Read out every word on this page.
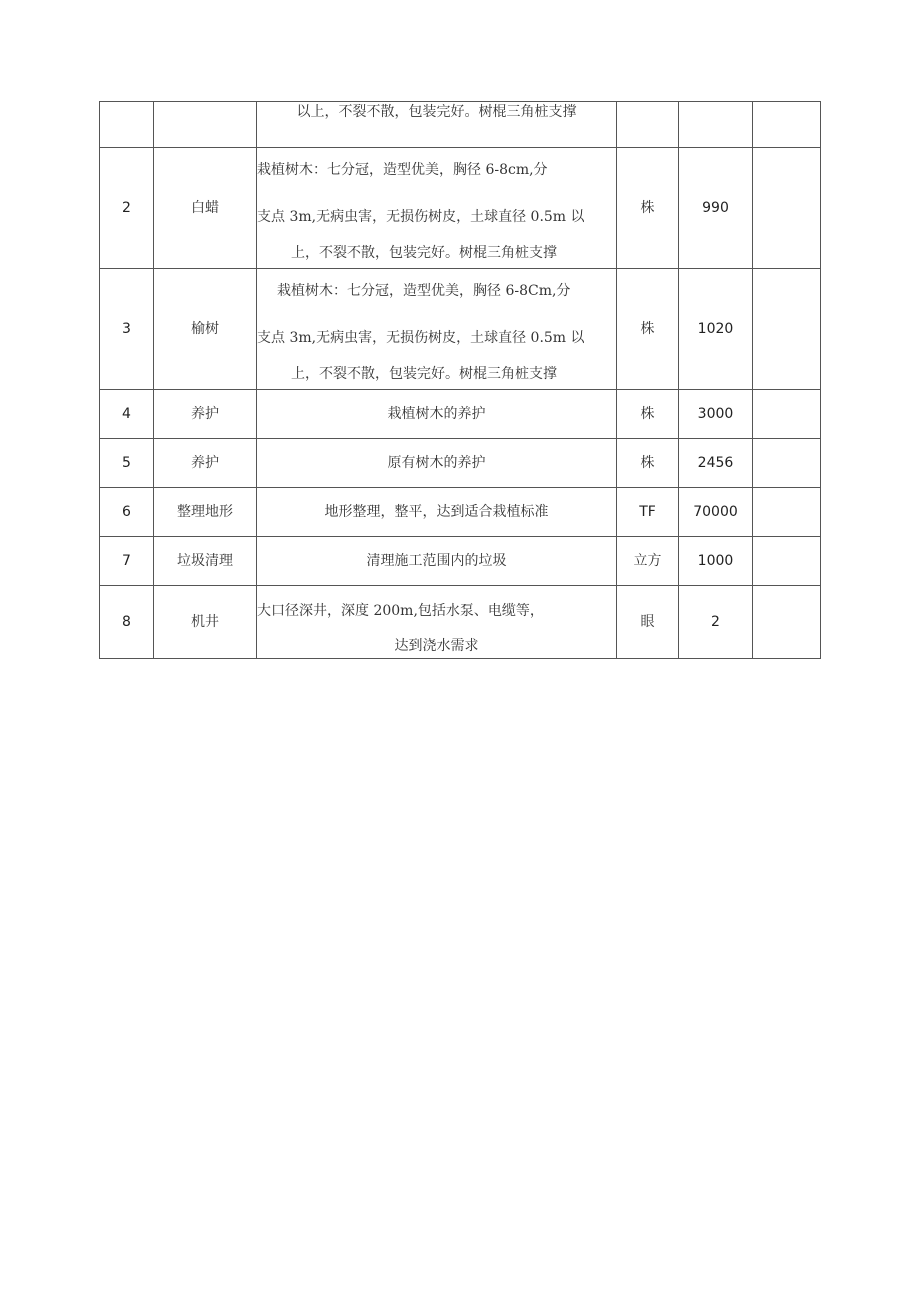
		以上，不裂不散，包装完好。树棍三角桩支撑			

2	白蜡	栽植树木：七分冠，造型优美，胸径 6-8cm,分
支点 3m,无病虫害，无损伤树皮，土球直径 0.5m 以
上，不裂不散，包装完好。树棍三角桩支撑	株	990	
3	榆树	栽植树木：七分冠，造型优美，胸径 6-8Cm,分
支点 3m,无病虫害，无损伤树皮，土球直径 0.5m 以
上，不裂不散，包装完好。树棍三角桩支撑	株	1020	
4	养护	栽植树木的养护	株	3000	
5	养护	原有树木的养护	株	2456	
6	整理地形	地形整理，整平，达到适合栽植标准	TF	70000	
7	垃圾清理	清理施工范围内的垃圾	立方	1000	
8	机井	大口径深井，深度 200m,包括水泵、电缆等，
达到浇水需求	眼	2	
